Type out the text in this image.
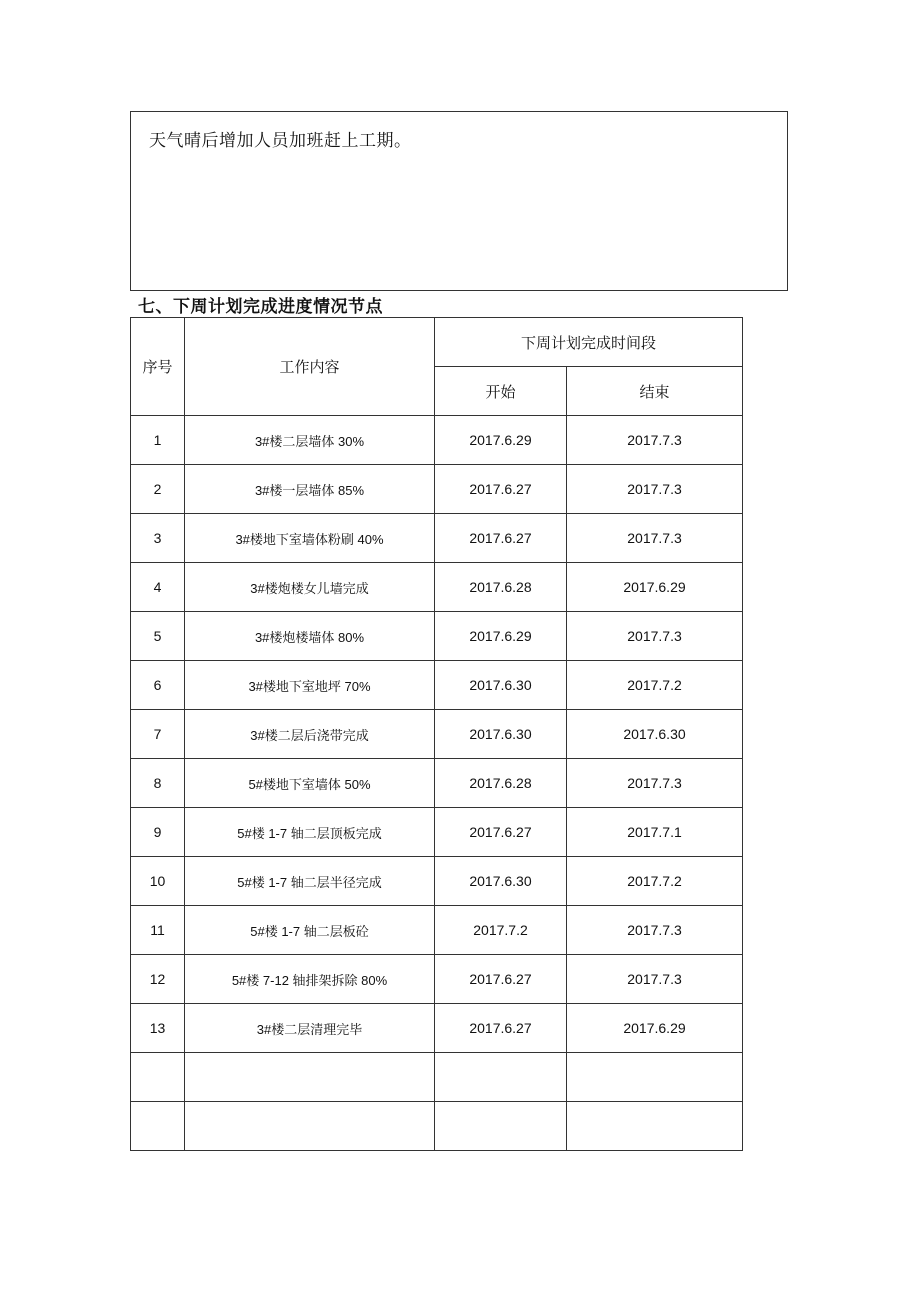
天气晴后增加人员加班赶上工期。
七、下周计划完成进度情况节点
序号	工作内容	下周计划完成时间段	
		开始	结束
1	3#楼二层墙体 30%	2017.6.29	2017.7.3
2	3#楼一层墙体 85%	2017.6.27	2017.7.3
3	3#楼地下室墙体粉刷 40%	2017.6.27	2017.7.3
4	3#楼炮楼女儿墙完成	2017.6.28	2017.6.29
5	3#楼炮楼墙体 80%	2017.6.29	2017.7.3
6	3#楼地下室地坪 70%	2017.6.30	2017.7.2
7	3#楼二层后浇带完成	2017.6.30	2017.6.30
8	5#楼地下室墙体 50%	2017.6.28	2017.7.3
9	5#楼 1-7 轴二层顶板完成	2017.6.27	2017.7.1
10	5#楼 1-7 轴二层半径完成	2017.6.30	2017.7.2
11	5#楼 1-7 轴二层板砼	2017.7.2	2017.7.3
12	5#楼 7-12 轴排架拆除 80%	2017.6.27	2017.7.3
13	3#楼二层清理完毕	2017.6.27	2017.6.29
